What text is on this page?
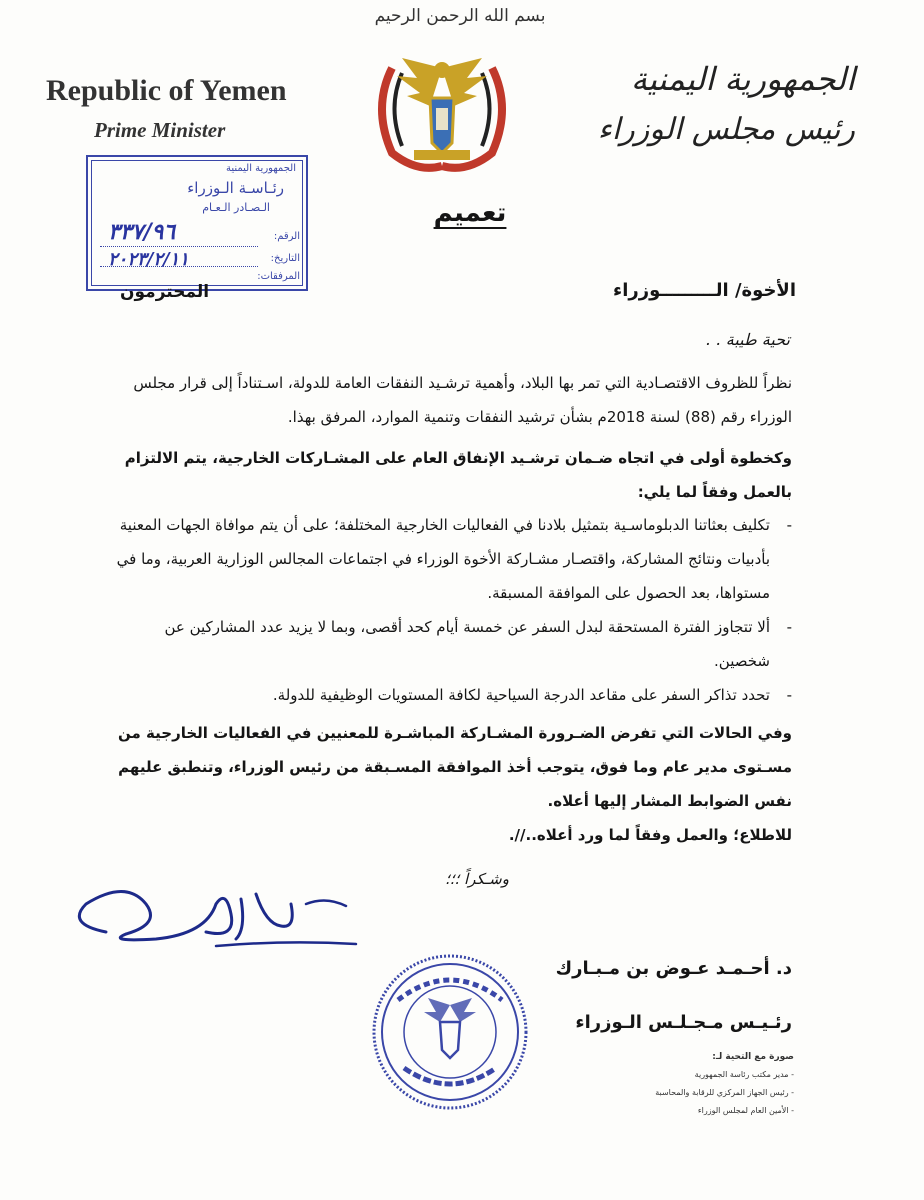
بسم الله الرحمن الرحيم
Republic of Yemen
Prime Minister
الجمهورية اليمنية
رئيس مجلس الوزراء
الجمهورية اليمنية
رئـاسـة الـوزراء
الـصـادر الـعـام
الرقم:
٣٣٧/٩٦
التاريخ:
٢٠٢٣/٢/١١
المرفقات:
تعميم
المحترمون	الأخوة/ الـــــــــوزراء
تحية طيبة . .
نظراً للظروف الاقتصـادية التي تمر بها البلاد، وأهمية ترشـيد النفقات العامة للدولة، اسـتناداً إلى قرار مجلس الوزراء رقم (88) لسنة 2018م بشأن ترشيد النفقات وتنمية الموارد، المرفق بهذا.
وكخطوة أولى في اتجاه ضـمان ترشـيد الإنفاق العام على المشـاركات الخارجية، يتم الالتزام بالعمل وفقاً لما يلي:
-
تكليف بعثاتنا الدبلوماسـية بتمثيل بلادنا في الفعاليات الخارجية المختلفة؛ على أن يتم موافاة الجهات المعنية بأدبيات ونتائج المشاركة، واقتصـار مشـاركة الأخوة الوزراء في اجتماعات المجالس الوزارية العربية، وما في مستواها، بعد الحصول على الموافقة المسبقة.
-
ألا تتجاوز الفترة المستحقة لبدل السفر عن خمسة أيام كحد أقصى، وبما لا يزيد عدد المشاركين عن شخصين.
-
تحدد تذاكر السفر على مقاعد الدرجة السياحية لكافة المستويات الوظيفية للدولة.
وفي الحالات التي تفرض الضـرورة المشـاركة المباشـرة للمعنيين في الفعاليات الخارجية من مسـتوى مدير عام وما فوق، يتوجب أخذ الموافقة المسـبقة من رئيس الوزراء، وتنطبق عليهم نفس الضوابط المشار إليها أعلاه.
للاطلاع؛ والعمل وفقاً لما ورد أعلاه..//.
وشـكراً ؛؛؛
د. أحـمـد عـوض بن مـبـارك
رئـيـس مـجـلـس الـوزراء
صورة مع التحية لـ:
- مدير مكتب رئاسة الجمهورية
- رئيس الجهاز المركزي للرقابة والمحاسبة
- الأمين العام لمجلس الوزراء
